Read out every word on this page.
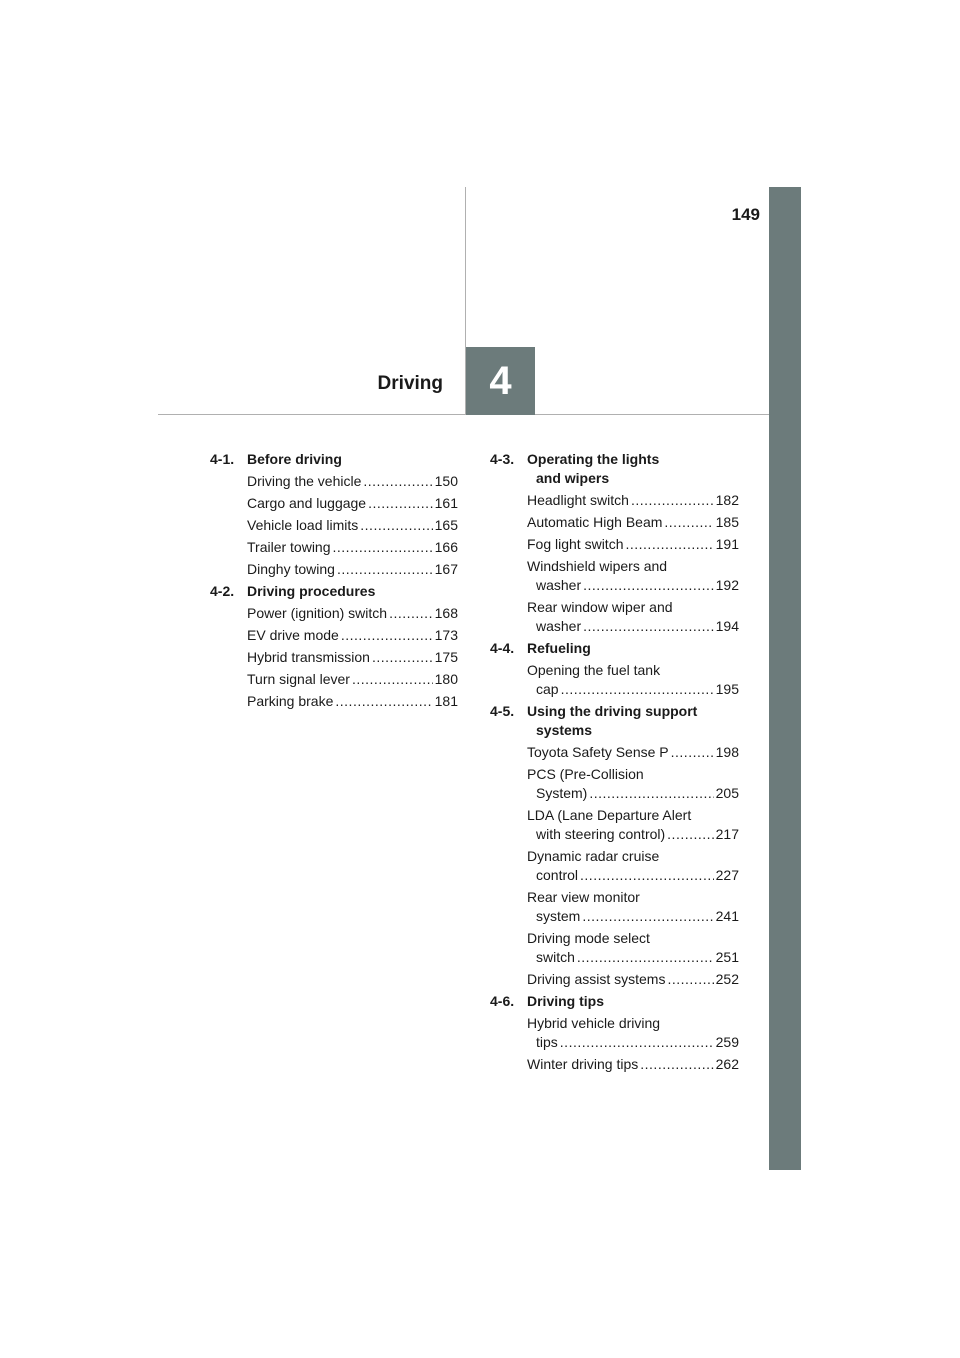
149
4
Driving
4-1. Before driving
Driving the vehicle .....	150
Cargo and luggage .....	161
Vehicle load limits .....	165
Trailer towing .....	166
Dinghy towing .....	167
4-2. Driving procedures
Power (ignition) switch .....	168
EV drive mode .....	173
Hybrid transmission .....	175
Turn signal lever .....	180
Parking brake .....	181
4-3. Operating the lights
and wipers
Headlight switch .....	182
Automatic High Beam .....	185
Fog light switch .....	191
Windshield wipers and
washer .....	192
Rear window wiper and
washer .....	194
4-4. Refueling
Opening the fuel tank
cap .....	195
4-5. Using the driving support
systems
Toyota Safety Sense P .....	198
PCS (Pre-Collision
System) .....	205
LDA (Lane Departure Alert
with steering control) .....	217
Dynamic radar cruise
control .....	227
Rear view monitor
system .....	241
Driving mode select
switch .....	251
Driving assist systems .....	252
4-6. Driving tips
Hybrid vehicle driving
tips .....	259
Winter driving tips .....	262
